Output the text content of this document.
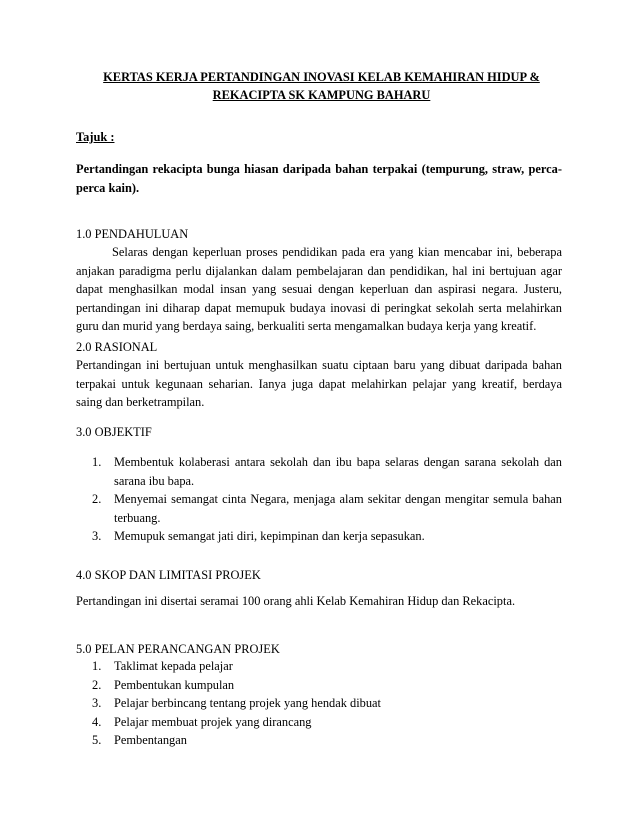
KERTAS KERJA PERTANDINGAN INOVASI KELAB KEMAHIRAN HIDUP & REKACIPTA SK KAMPUNG BAHARU
Tajuk :
Pertandingan rekacipta bunga hiasan daripada bahan terpakai (tempurung, straw, perca-perca kain).
1.0 PENDAHULUAN
Selaras dengan keperluan proses pendidikan pada era yang kian mencabar ini, beberapa anjakan paradigma perlu dijalankan dalam pembelajaran dan pendidikan, hal ini bertujuan agar dapat menghasilkan modal insan yang sesuai dengan keperluan dan aspirasi negara. Justeru, pertandingan ini diharap dapat memupuk budaya inovasi di peringkat sekolah serta melahirkan guru dan murid yang berdaya saing, berkualiti serta mengamalkan budaya kerja yang kreatif.
2.0 RASIONAL
Pertandingan ini bertujuan untuk menghasilkan suatu ciptaan baru yang dibuat daripada bahan terpakai untuk kegunaan seharian. Ianya juga dapat melahirkan pelajar yang kreatif, berdaya saing dan berketrampilan.
3.0 OBJEKTIF
1. Membentuk kolaberasi antara sekolah dan ibu bapa selaras dengan sarana sekolah dan sarana ibu bapa.
2. Menyemai semangat cinta Negara, menjaga alam sekitar dengan mengitar semula bahan terbuang.
3. Memupuk semangat jati diri, kepimpinan dan kerja sepasukan.
4.0 SKOP DAN LIMITASI PROJEK
Pertandingan ini disertai seramai 100 orang ahli Kelab Kemahiran Hidup dan Rekacipta.
5.0 PELAN PERANCANGAN PROJEK
1. Taklimat kepada pelajar
2. Pembentukan kumpulan
3. Pelajar berbincang tentang projek yang hendak dibuat
4. Pelajar membuat projek yang dirancang
5. Pembentangan
